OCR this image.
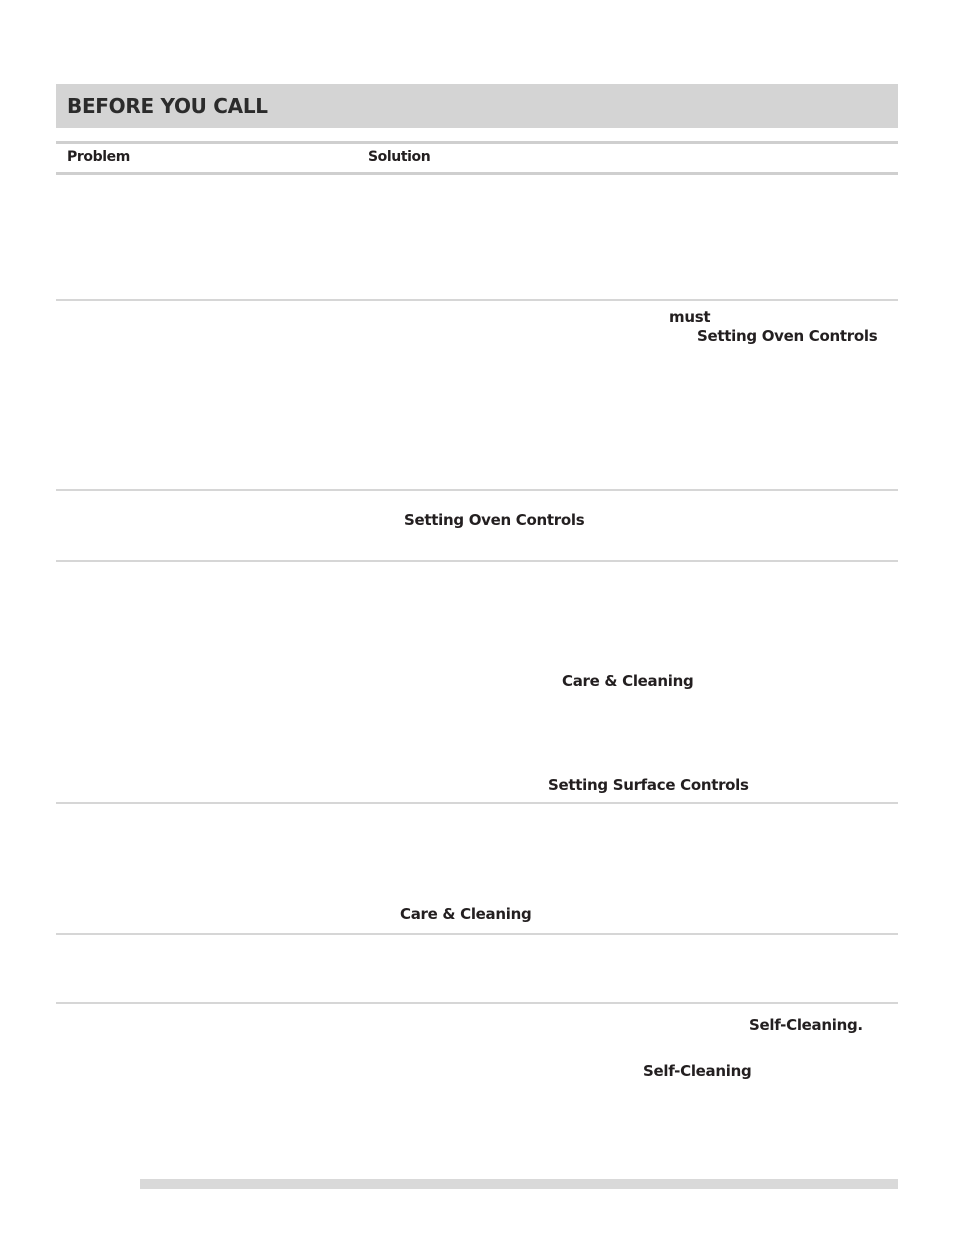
BEFORE YOU CALL
Problem	Solution
must
Setting Oven Controls
Setting Oven Controls
Care & Cleaning
Setting Surface Controls
Care & Cleaning
Self-Cleaning.
Self-Cleaning
